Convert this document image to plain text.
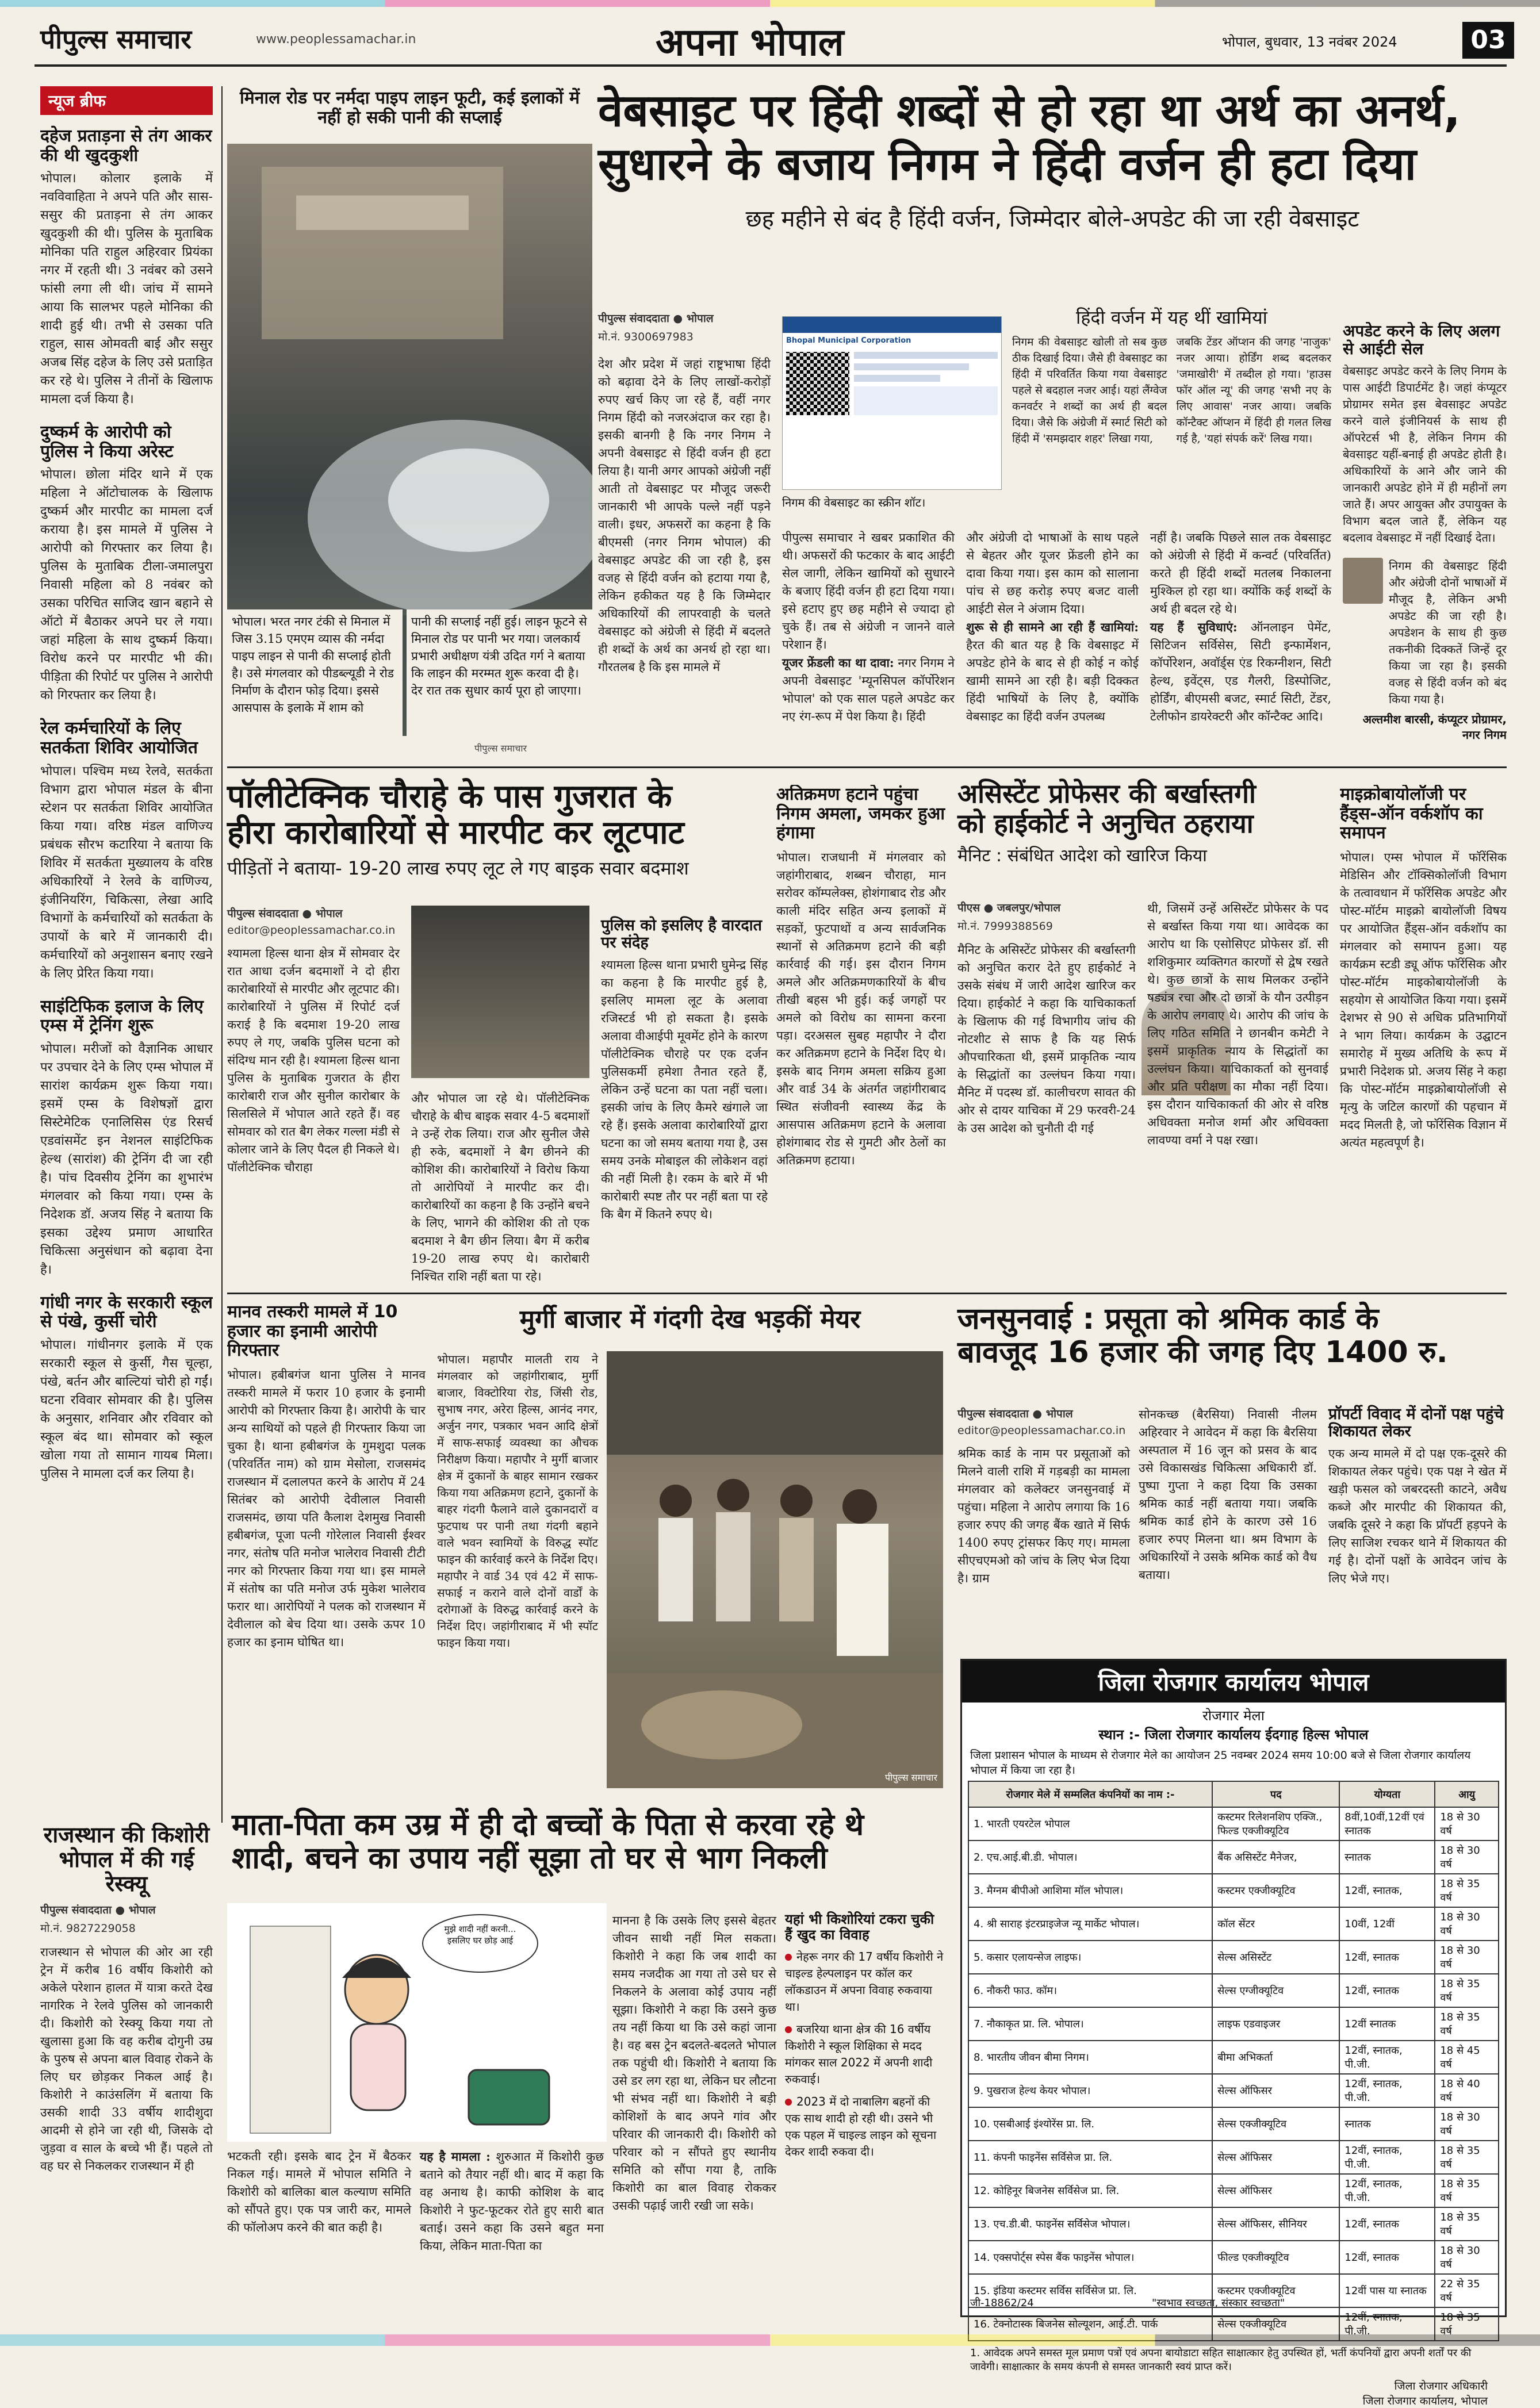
पीपुल्स समाचार	www.peoplessamachar.in	अपना भोपाल	भोपाल, बुधवार, 13 नवंबर 2024	03
न्यूज ब्रीफ
दहेज प्रताड़ना से तंग आकर की थी खुदकुशी
भोपाल। कोलार इलाके में नवविवाहिता ने अपने पति और सास-ससुर की प्रताड़ना से तंग आकर खुदकुशी की थी। पुलिस के मुताबिक मोनिका पति राहुल अहिरवार प्रियंका नगर में रहती थी। 3 नवंबर को उसने फांसी लगा ली थी। जांच में सामने आया कि सालभर पहले मोनिका की शादी हुई थी। तभी से उसका पति राहुल, सास ओमवती बाई और ससुर अजब सिंह दहेज के लिए उसे प्रताड़ित कर रहे थे। पुलिस ने तीनों के खिलाफ मामला दर्ज किया है।
दुष्कर्म के आरोपी को पुलिस ने किया अरेस्ट
भोपाल। छोला मंदिर थाने में एक महिला ने ऑटोचालक के खिलाफ दुष्कर्म और मारपीट का मामला दर्ज कराया है। इस मामले में पुलिस ने आरोपी को गिरफ्तार कर लिया है। पुलिस के मुताबिक टीला-जमालपुरा निवासी महिला को 8 नवंबर को उसका परिचित साजिद खान बहाने से ऑटो में बैठाकर अपने घर ले गया। जहां महिला के साथ दुष्कर्म किया। विरोध करने पर मारपीट भी की। पीड़िता की रिपोर्ट पर पुलिस ने आरोपी को गिरफ्तार कर लिया है।
रेल कर्मचारियों के लिए सतर्कता शिविर आयोजित
भोपाल। पश्चिम मध्य रेलवे, सतर्कता विभाग द्वारा भोपाल मंडल के बीना स्टेशन पर सतर्कता शिविर आयोजित किया गया। वरिष्ठ मंडल वाणिज्य प्रबंधक सौरभ कटारिया ने बताया कि शिविर में सतर्कता मुख्यालय के वरिष्ठ अधिकारियों ने रेलवे के वाणिज्य, इंजीनियरिंग, चिकित्सा, लेखा आदि विभागों के कर्मचारियों को सतर्कता के उपायों के बारे में जानकारी दी। कर्मचारियों को अनुशासन बनाए रखने के लिए प्रेरित किया गया।
साइंटिफिक इलाज के लिए एम्स में ट्रेनिंग शुरू
भोपाल। मरीजों को वैज्ञानिक आधार पर उपचार देने के लिए एम्स भोपाल में सारांश कार्यक्रम शुरू किया गया। इसमें एम्स के विशेषज्ञों द्वारा सिस्टेमेटिक एनालिसिस एंड रिसर्च एडवांसमेंट इन नेशनल साइंटिफिक हेल्थ (सारांश) की ट्रेनिंग दी जा रही है। पांच दिवसीय ट्रेनिंग का शुभारंभ मंगलवार को किया गया। एम्स के निदेशक डॉ. अजय सिंह ने बताया कि इसका उद्देश्य प्रमाण आधारित चिकित्सा अनुसंधान को बढ़ावा देना है।
गांधी नगर के सरकारी स्कूल से पंखे, कुर्सी चोरी
भोपाल। गांधीनगर इलाके में एक सरकारी स्कूल से कुर्सी, गैस चूल्हा, पंखे, बर्तन और बाल्टियां चोरी हो गईं। घटना रविवार सोमवार की है। पुलिस के अनुसार, शनिवार और रविवार को स्कूल बंद था। सोमवार को स्कूल खोला गया तो सामान गायब मिला। पुलिस ने मामला दर्ज कर लिया है।
मिनाल रोड पर नर्मदा पाइप लाइन फूटी, कई इलाकों में नहीं हो सकी पानी की सप्लाई
भोपाल। भरत नगर टंकी से मिनाल में जिस 3.15 एमएम व्यास की नर्मदा पाइप लाइन से पानी की सप्लाई होती है। उसे मंगलवार को पीडब्ल्यूडी ने रोड निर्माण के दौरान फोड़ दिया। इससे आसपास के इलाके में शाम को
पानी की सप्लाई नहीं हुई। लाइन फूटने से मिनाल रोड पर पानी भर गया। जलकार्य प्रभारी अधीक्षण यंत्री उदित गर्ग ने बताया कि लाइन की मरम्मत शुरू करवा दी है। देर रात तक सुधार कार्य पूरा हो जाएगा।
पीपुल्स समाचार
वेबसाइट पर हिंदी शब्दों से हो रहा था अर्थ का अनर्थ,
सुधारने के बजाय निगम ने हिंदी वर्जन ही हटा दिया
छह महीने से बंद है हिंदी वर्जन, जिम्मेदार बोले-अपडेट की जा रही वेबसाइट
पीपुल्स संवाददाता ● भोपाल
मो.नं. 9300697983
देश और प्रदेश में जहां राष्ट्रभाषा हिंदी को बढ़ावा देने के लिए लाखों-करोड़ों रुपए खर्च किए जा रहे हैं, वहीं नगर निगम हिंदी को नजरअंदाज कर रहा है। इसकी बानगी है कि नगर निगम ने अपनी वेबसाइट से हिंदी वर्जन ही हटा लिया है। यानी अगर आपको अंग्रेजी नहीं आती तो वेबसाइट पर मौजूद जरूरी जानकारी भी आपके पल्ले नहीं पड़ने वाली। इधर, अफसरों का कहना है कि बीएमसी (नगर निगम भोपाल) की वेबसाइट अपडेट की जा रही है, इस वजह से हिंदी वर्जन को हटाया गया है, लेकिन हकीकत यह है कि जिम्मेदार अधिकारियों की लापरवाही के चलते वेबसाइट को अंग्रेजी से हिंदी में बदलते ही शब्दों के अर्थ का अनर्थ हो रहा था। गौरतलब है कि इस मामले में
Bhopal Municipal Corporation
निगम की वेबसाइट का स्क्रीन शॉट।
हिंदी वर्जन में यह थीं खामियां
निगम की वेबसाइट खोली तो सब कुछ ठीक दिखाई दिया। जैसे ही वेबसाइट का हिंदी में परिवर्तित किया गया वेबसाइट पहले से बदहाल नजर आई। यहां लैंग्वेज कनवर्टर ने शब्दों का अर्थ ही बदल दिया। जैसे कि अंग्रेजी में स्मार्ट सिटी को हिंदी में 'समझदार शहर' लिखा गया,
जबकि टेंडर ऑप्शन की जगह 'नाजुक' नजर आया। होर्डिंग शब्द बदलकर 'जमाखोरी' में तब्दील हो गया। 'हाउस फॉर ऑल न्यू' की जगह 'सभी नए के लिए आवास' नजर आया। जबकि कॉन्टैक्ट ऑप्शन में हिंदी ही गलत लिख गई है, 'यहां संपर्क करें' लिख गया।
पीपुल्स समाचार ने खबर प्रकाशित की थी। अफसरों की फटकार के बाद आईटी सेल जागी, लेकिन खामियों को सुधारने के बजाए हिंदी वर्जन ही हटा दिया गया। इसे हटाए हुए छह महीने से ज्यादा हो चुके हैं। तब से अंग्रेजी न जानने वाले परेशान हैं।
यूजर फ्रेंडली का था दावा: नगर निगम ने अपनी वेबसाइट 'म्यूनसिपल कॉर्पोरेशन भोपाल' को एक साल पहले अपडेट कर नए रंग-रूप में पेश किया है। हिंदी
और अंग्रेजी दो भाषाओं के साथ पहले से बेहतर और यूजर फ्रेंडली होने का दावा किया गया। इस काम को सालाना पांच से छह करोड़ रुपए बजट वाली आईटी सेल ने अंजाम दिया।
शुरू से ही सामने आ रही हैं खामियां: हैरत की बात यह है कि वेबसाइट में अपडेट होने के बाद से ही कोई न कोई खामी सामने आ रही है। बड़ी दिक्कत हिंदी भाषियों के लिए है, क्योंकि वेबसाइट का हिंदी वर्जन उपलब्ध
नहीं है। जबकि पिछले साल तक वेबसाइट को अंग्रेजी से हिंदी में कन्वर्ट (परिवर्तित) करते ही हिंदी शब्दों मतलब निकालना मुश्किल हो रहा था। क्योंकि कई शब्दों के अर्थ ही बदल रहे थे।
यह हैं सुविधाएं: ऑनलाइन पेमेंट, सिटिजन सर्विसेस, सिटी इन्फार्मेशन, कॉर्पोरेशन, अवॉर्ड्स एंड रिकग्नीशन, सिटी हेल्थ, इवेंट्स, एड गैलरी, डिस्पोजिट, होर्डिंग, बीएमसी बजट, स्मार्ट सिटी, टेंडर, टेलीफोन डायरेक्टरी और कॉन्टैक्ट आदि।
अपडेट करने के लिए अलग से आईटी सेल
वेबसाइट अपडेट करने के लिए निगम के पास आईटी डिपार्टमेंट है। जहां कंप्यूटर प्रोग्रामर समेत इस बेवसाइट अपडेट करने वाले इंजीनियर्स के साथ ही ऑपरेटर्स भी है, लेकिन निगम की बेवसाइट यहीं-बनाई ही अपडेट होती है। अधिकारियों के आने और जाने की जानकारी अपडेट होने में ही महीनों लग जाते हैं। अपर आयुक्त और उपायुक्त के विभाग बदल जाते हैं, लेकिन यह बदलाव वेबसाइट में नहीं दिखाई देता।
निगम की वेबसाइट हिंदी और अंग्रेजी दोनों भाषाओं में मौजूद है, लेकिन अभी अपडेट की जा रही है। अपडेशन के साथ ही कुछ तकनीकी दिक्कतें जिन्हें दूर किया जा रहा है। इसकी वजह से हिंदी वर्जन को बंद किया गया है।
अल्तमीश बारसी, कंप्यूटर प्रोग्रामर, नगर निगम
पॉलीटेक्निक चौराहे के पास गुजरात के
हीरा कारोबारियों से मारपीट कर लूटपाट
पीड़ितों ने बताया- 19-20 लाख रुपए लूट ले गए बाइक सवार बदमाश
पीपुल्स संवाददाता ● भोपाल
editor@peoplessamachar.co.in
श्यामला हिल्स थाना क्षेत्र में सोमवार देर रात आधा दर्जन बदमाशों ने दो हीरा कारोबारियों से मारपीट और लूटपाट की। कारोबारियों ने पुलिस में रिपोर्ट दर्ज कराई है कि बदमाश 19-20 लाख रुपए ले गए, जबकि पुलिस घटना को संदिग्ध मान रही है। श्यामला हिल्स थाना पुलिस के मुताबिक गुजरात के हीरा कारोबारी राज और सुनील कारोबार के सिलसिले में भोपाल आते रहते हैं। वह सोमवार को रात बैग लेकर गल्ला मंडी से कोलार जाने के लिए पैदल ही निकले थे। पॉलीटेक्निक चौराहा
और भोपाल जा रहे थे। पॉलीटेक्निक चौराहे के बीच बाइक सवार 4-5 बदमाशों ने उन्हें रोक लिया। राज और सुनील जैसे ही रुके, बदमाशों ने बैग छीनने की कोशिश की। कारोबारियों ने विरोध किया तो आरोपियों ने मारपीट कर दी। कारोबारियों का कहना है कि उन्होंने बचने के लिए, भागने की कोशिश की तो एक बदमाश ने बैग छीन लिया। बैग में करीब 19-20 लाख रुपए थे। कारोबारी निश्चित राशि नहीं बता पा रहे।
पुलिस को इसलिए है वारदात पर संदेह
श्यामला हिल्स थाना प्रभारी घुमेन्द्र सिंह का कहना है कि मारपीट हुई है, इसलिए मामला लूट के अलावा रजिस्टर्ड भी हो सकता है। इसके अलावा वीआईपी मूवमेंट होने के कारण पॉलीटेक्निक चौराहे पर एक दर्जन पुलिसकर्मी हमेशा तैनात रहते हैं, लेकिन उन्हें घटना का पता नहीं चला। इसकी जांच के लिए कैमरे खंगाले जा रहे हैं। इसके अलावा कारोबारियों द्वारा घटना का जो समय बताया गया है, उस समय उनके मोबाइल की लोकेशन वहां की नहीं मिली है। रकम के बारे में भी कारोबारी स्पष्ट तौर पर नहीं बता पा रहे कि बैग में कितने रुपए थे।
अतिक्रमण हटाने पहुंचा निगम अमला, जमकर हुआ हंगामा
भोपाल। राजधानी में मंगलवार को जहांगीराबाद, शब्बन चौराहा, मान सरोवर कॉम्पलेक्स, होशंगाबाद रोड और काली मंदिर सहित अन्य इलाकों में सड़कों, फुटपाथों व अन्य सार्वजनिक स्थानों से अतिक्रमण हटाने की बड़ी कार्रवाई की गई। इस दौरान निगम अमले और अतिक्रमणकारियों के बीच तीखी बहस भी हुई। कई जगहों पर अमले को विरोध का सामना करना पड़ा। दरअसल सुबह महापौर ने दौरा कर अतिक्रमण हटाने के निर्देश दिए थे। इसके बाद निगम अमला सक्रिय हुआ और वार्ड 34 के अंतर्गत जहांगीराबाद स्थित संजीवनी स्वास्थ्य केंद्र के आसपास अतिक्रमण हटाने के अलावा होशंगाबाद रोड से गुमटी और ठेलों का अतिक्रमण हटाया।
असिस्टेंट प्रोफेसर की बर्खास्तगी
को हाईकोर्ट ने अनुचित ठहराया
मैनिट : संबंधित आदेश को खारिज किया
पीएस ● जबलपुर/भोपाल
मो.नं. 7999388569
मैनिट के असिस्टेंट प्रोफेसर की बर्खास्तगी को अनुचित करार देते हुए हाईकोर्ट ने उसके संबंध में जारी आदेश खारिज कर दिया। हाईकोर्ट ने कहा कि याचिकाकर्ता के खिलाफ की गई विभागीय जांच की नोटशीट से साफ है कि यह सिर्फ औपचारिकता थी, इसमें प्राकृतिक न्याय के सिद्धांतों का उल्लंघन किया गया। मैनिट में पदस्थ डॉ. कालीचरण सावत की ओर से दायर याचिका में 29 फरवरी-24 के उस आदेश को चुनौती दी गई
थी, जिसमें उन्हें असिस्टेंट प्रोफेसर के पद से बर्खास्त किया गया था। आवेदक का आरोप था कि एसोसिएट प्रोफेसर डॉ. सी शशिकुमार व्यक्तिगत कारणों से द्वेष रखते थे। कुछ छात्रों के साथ मिलकर उन्होंने षड्यंत्र रचा और दो छात्रों के यौन उत्पीड़न के आरोप लगवाए थे। आरोप की जांच के लिए गठित समिति ने छानबीन कमेटी ने इसमें प्राकृतिक न्याय के सिद्धांतों का उल्लंघन किया। याचिकाकर्ता को सुनवाई और प्रति परीक्षण का मौका नहीं दिया। इस दौरान याचिकाकर्ता की ओर से वरिष्ठ अधिवक्ता मनोज शर्मा और अधिवक्ता लावण्या वर्मा ने पक्ष रखा।
माइक्रोबायोलॉजी पर हैंड्स-ऑन वर्कशॉप का समापन
भोपाल। एम्स भोपाल में फॉरेंसिक मेडिसिन और टॉक्सिकोलॉजी विभाग के तत्वावधान में फॉरेंसिक अपडेट और पोस्ट-मॉर्टम माइक्रो बायोलॉजी विषय पर आयोजित हैंड्स-ऑन वर्कशॉप का मंगलवार को समापन हुआ। यह कार्यक्रम स्टडी ड्यू ऑफ फॉरेंसिक और पोस्ट-मॉर्टम माइकोबायोलॉजी के सहयोग से आयोजित किया गया। इसमें देशभर से 90 से अधिक प्रतिभागियों ने भाग लिया। कार्यक्रम के उद्घाटन समारोह में मुख्य अतिथि के रूप में प्रभारी निदेशक प्रो. अजय सिंह ने कहा कि पोस्ट-मॉर्टम माइक्रोबायोलॉजी से मृत्यु के जटिल कारणों की पहचान में मदद मिलती है, जो फॉरेंसिक विज्ञान में अत्यंत महत्वपूर्ण है।
मानव तस्करी मामले में 10 हजार का इनामी आरोपी गिरफ्तार
भोपाल। हबीबगंज थाना पुलिस ने मानव तस्करी मामले में फरार 10 हजार के इनामी आरोपी को गिरफ्तार किया है। आरोपी के चार अन्य साथियों को पहले ही गिरफ्तार किया जा चुका है। थाना हबीबगंज के गुमशुदा पलक (परिवर्तित नाम) को ग्राम मेसोला, राजसमंद राजस्थान में दलालपत करने के आरोप में 24 सितंबर को आरोपी देवीलाल निवासी राजसमंद, छाया पति कैलाश देशमुख निवासी हबीबगंज, पूजा पत्नी गोरेलाल निवासी ईश्वर नगर, संतोष पति मनोज भालेराव निवासी टीटी नगर को गिरफ्तार किया गया था। इस मामले में संतोष का पति मनोज उर्फ मुकेश भालेराव फरार था। आरोपियों ने पलक को राजस्थान में देवीलाल को बेच दिया था। उसके ऊपर 10 हजार का इनाम घोषित था।
मुर्गी बाजार में गंदगी देख भड़कीं मेयर
भोपाल। महापौर मालती राय ने मंगलवार को जहांगीराबाद, मुर्गी बाजार, विक्टोरिया रोड, जिंसी रोड, सुभाष नगर, अरेरा हिल्स, आनंद नगर, अर्जुन नगर, पत्रकार भवन आदि क्षेत्रों में साफ-सफाई व्यवस्था का औचक निरीक्षण किया। महापौर ने मुर्गी बाजार क्षेत्र में दुकानों के बाहर सामान रखकर किया गया अतिक्रमण हटाने, दुकानों के बाहर गंदगी फैलाने वाले दुकानदारों व फुटपाथ पर पानी तथा गंदगी बहाने वाले भवन स्वामियों के विरुद्ध स्पॉट फाइन की कार्रवाई करने के निर्देश दिए। महापौर ने वार्ड 34 एवं 42 में साफ-सफाई न कराने वाले दोनों वार्डों के दरोगाओं के विरुद्ध कार्रवाई करने के निर्देश दिए। जहांगीराबाद में भी स्पॉट फाइन किया गया।
पीपुल्स समाचार
जनसुनवाई : प्रसूता को श्रमिक कार्ड के
बावजूद 16 हजार की जगह दिए 1400 रु.
पीपुल्स संवाददाता ● भोपाल
editor@peoplessamachar.co.in
श्रमिक कार्ड के नाम पर प्रसूताओं को मिलने वाली राशि में गड़बड़ी का मामला मंगलवार को कलेक्टर जनसुनवाई में पहुंचा। महिला ने आरोप लगाया कि 16 हजार रुपए की जगह बैंक खाते में सिर्फ 1400 रुपए ट्रांसफर किए गए। मामला सीएचएमओ को जांच के लिए भेज दिया है। ग्राम
सोनकच्छ (बैरसिया) निवासी नीलम अहिरवार ने आवेदन में कहा कि बैरसिया अस्पताल में 16 जून को प्रसव के बाद उसे विकासखंड चिकित्सा अधिकारी डॉ. पुष्पा गुप्ता ने कहा दिया कि उसका श्रमिक कार्ड नहीं बताया गया। जबकि श्रमिक कार्ड होने के कारण उसे 16 हजार रुपए मिलना था। श्रम विभाग के अधिकारियों ने उसके श्रमिक कार्ड को वैध बताया।
प्रॉपर्टी विवाद में दोनों पक्ष पहुंचे शिकायत लेकर
एक अन्य मामले में दो पक्ष एक-दूसरे की शिकायत लेकर पहुंचे। एक पक्ष ने खेत में खड़ी फसल को जबरदस्ती काटने, अवैध कब्जे और मारपीट की शिकायत की, जबकि दूसरे ने कहा कि प्रॉपर्टी हड़पने के लिए साजिश रचकर थाने में शिकायत की गई है। दोनों पक्षों के आवेदन जांच के लिए भेजे गए।
जिला रोजगार कार्यालय भोपाल
रोजगार मेला
स्थान :- जिला रोजगार कार्यालय ईदगाह हिल्स भोपाल
जिला प्रशासन भोपाल के माध्यम से रोजगार मेले का आयोजन 25 नवम्बर 2024 समय 10:00 बजे से जिला रोजगार कार्यालय भोपाल में किया जा रहा है।
रोजगार मेले में सम्मलित कंपनियों का नाम :-	पद	योग्यता	आयु
1. भारती एयरटेल भोपाल	कस्टमर रिलेशनशिप एक्जि., फिल्ड एक्जीक्यूटिव	8वीं,10वीं,12वीं एवं स्नातक	18 से 30 वर्ष
2. एच.आई.बी.डी. भोपाल।	बैंक असिस्टेंट मैनेजर,	स्नातक	18 से 30 वर्ष
3. मैग्नम बीपीओ आशिमा मॉल भोपाल।	कस्टमर एक्जीक्यूटिव	12वीं, स्नातक,	18 से 35 वर्ष
4. श्री साराह इंटरप्राइजेज न्यू मार्केट भोपाल।	कॉल सेंटर	10वीं, 12वीं	18 से 30 वर्ष
5. कसार एलायन्सेज लाइफ।	सेल्स असिस्टेंट	12वीं, स्नातक	18 से 30 वर्ष
6. नौकरी फाउ. कॉम।	सेल्स एग्जीक्यूटिव	12वीं, स्नातक	18 से 35 वर्ष
7. नौकाकृत प्रा. लि. भोपाल।	लाइफ एडवाइजर	12वीं स्नातक	18 से 35 वर्ष
8. भारतीय जीवन बीमा निगम।	बीमा अभिकर्ता	12वीं, स्नातक, पी.जी.	18 से 45 वर्ष
9. पुखराज हेल्थ केयर भोपाल।	सेल्स ऑफिसर	12वीं, स्नातक, पी.जी.	18 से 40 वर्ष
10. एसबीआई इंश्योरेंस प्रा. लि.	सेल्स एक्जीक्यूटिव	स्नातक	18 से 30 वर्ष
11. कंपनी फाइनेंस सर्विसेज प्रा. लि.	सेल्स ऑफिसर	12वीं, स्नातक, पी.जी.	18 से 35 वर्ष
12. कोहिनूर बिजनेस सर्विसेज प्रा. लि.	सेल्स ऑफिसर	12वीं, स्नातक, पी.जी.	18 से 35 वर्ष
13. एच.डी.बी. फाइनेंस सर्विसेज भोपाल।	सेल्स ऑफिसर, सीनियर	12वीं, स्नातक	18 से 35 वर्ष
14. एक्सपोर्ट्स स्पेस बैंक फाइनेंस भोपाल।	फील्ड एक्जीक्यूटिव	12वीं, स्नातक	18 से 30 वर्ष
15. इंडिया कस्टमर सर्विस सर्विसेज प्रा. लि.	कस्टमर एक्जीक्यूटिव	12वीं पास या स्नातक	22 से 35 वर्ष
16. टेक्नोटास्क बिजनेस सोल्यूशन, आई.टी. पार्क	सेल्स एक्जीक्यूटिव	12वीं, स्नातक, पी.जी.	18 से 35 वर्ष
1. आवेदक अपने समस्त मूल प्रमाण पत्रों एवं अपना बायोडाटा सहित साक्षात्कार हेतु उपस्थित हों, भर्ती कंपनियों द्वारा अपनी शर्तों पर की जावेगी। साक्षात्कार के समय कंपनी से समस्त जानकारी स्वयं प्राप्त करें।
जिला रोजगार अधिकारी
जिला रोजगार कार्यालय, भोपाल
जी-18862/24	"स्वभाव स्वच्छता, संस्कार स्वच्छता"
राजस्थान की किशोरी भोपाल में की गई रेस्क्यू
पीपुल्स संवाददाता ● भोपाल
मो.नं. 9827229058
राजस्थान से भोपाल की ओर आ रही ट्रेन में करीब 16 वर्षीय किशोरी को अकेले परेशान हालत में यात्रा करते देख नागरिक ने रेलवे पुलिस को जानकारी दी। किशोरी को रेस्क्यू किया गया तो खुलासा हुआ कि वह करीब दोगुनी उम्र के पुरुष से अपना बाल विवाह रोकने के लिए घर छोड़कर निकल आई है। किशोरी ने काउंसलिंग में बताया कि उसकी शादी 33 वर्षीय शादीशुदा आदमी से होने जा रही थी, जिसके दो जुड़वा व साल के बच्चे भी हैं। पहले तो वह घर से निकलकर राजस्थान में ही
माता-पिता कम उम्र में ही दो बच्चों के पिता से करवा रहे थे
शादी, बचने का उपाय नहीं सूझा तो घर से भाग निकली
मुझे शादी नहीं करनी... इसलिए घर छोड़ आई
भटकती रही। इसके बाद ट्रेन में बैठकर निकल गई। मामले में भोपाल समिति ने किशोरी को बालिका बाल कल्याण समिति को सौंपते हुए। एक पत्र जारी कर, मामले की फॉलोअप करने की बात कही है।
यह है मामला : शुरुआत में किशोरी कुछ बताने को तैयार नहीं थी। बाद में कहा कि वह अनाथ है। काफी कोशिश के बाद किशोरी ने फुट-फूटकर रोते हुए सारी बात बताई। उसने कहा कि उसने बहुत मना किया, लेकिन माता-पिता का
मानना है कि उसके लिए इससे बेहतर जीवन साथी नहीं मिल सकता। किशोरी ने कहा कि जब शादी का समय नजदीक आ गया तो उसे घर से निकलने के अलावा कोई उपाय नहीं सूझा। किशोरी ने कहा कि उसने कुछ तय नहीं किया था कि उसे कहां जाना है। वह बस ट्रेन बदलते-बदलते भोपाल तक पहुंची थी। किशोरी ने बताया कि उसे डर लग रहा था, लेकिन घर लौटना भी संभव नहीं था। किशोरी ने बड़ी कोशिशों के बाद अपने गांव और परिवार की जानकारी दी। किशोरी को परिवार को न सौंपते हुए स्थानीय समिति को सौंपा गया है, ताकि किशोरी का बाल विवाह रोककर उसकी पढ़ाई जारी रखी जा सके।
यहां भी किशोरियां टकरा चुकी हैं खुद का विवाह
नेहरू नगर की 17 वर्षीय किशोरी ने चाइल्ड हेल्पलाइन पर कॉल कर लॉकडाउन में अपना विवाह रुकवाया था।
बजरिया थाना क्षेत्र की 16 वर्षीय किशोरी ने स्कूल शिक्षिका से मदद मांगकर साल 2022 में अपनी शादी रुकवाई।
2023 में दो नाबालिग बहनों की एक साथ शादी हो रही थी। उसने भी एक पहल में चाइल्ड लाइन को सूचना देकर शादी रुकवा दी।
